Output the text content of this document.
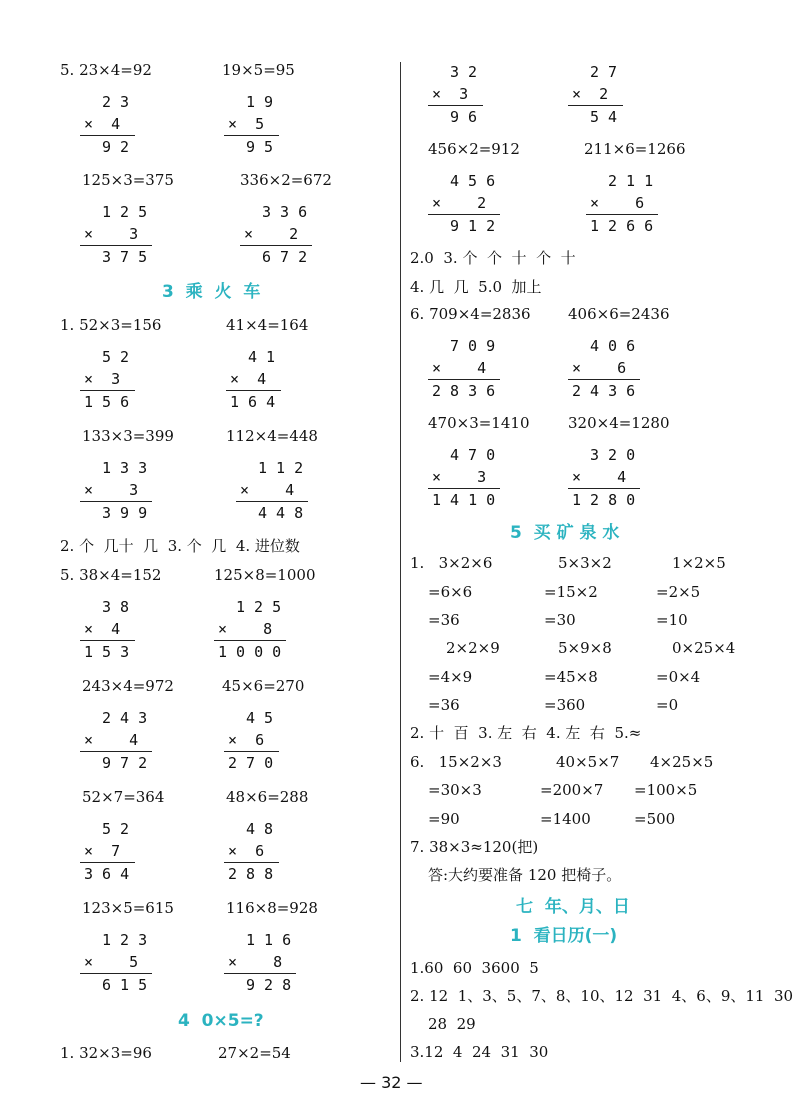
5. 23×4=92	19×5=95
2 3
×  4
9 2
1 9
×  5
9 5
125×3=375	336×2=672
1 2 5
×    3
3 7 5
3 3 6
×    2
6 7 2
3  乘  火  车
1. 52×3=156	41×4=164
5 2
×  3
1 5 6
4 1
×  4
1 6 4
133×3=399	112×4=448
1 3 3
×    3
3 9 9
1 1 2
×    4
4 4 8
2. 个  几十  几  3. 个  几  4. 进位数
5. 38×4=152	125×8=1000
3 8
×  4
1 5 3
1 2 5
×    8
1 0 0 0
243×4=972	45×6=270
2 4 3
×    4
9 7 2
4 5
×  6
2 7 0
52×7=364	48×6=288
5 2
×  7
3 6 4
4 8
×  6
2 8 8
123×5=615	116×8=928
1 2 3
×    5
6 1 5
1 1 6
×    8
9 2 8
4  0×5=?
1. 32×3=96	27×2=54
3 2
×  3
9 6
2 7
×  2
5 4
456×2=912	211×6=1266
4 5 6
×    2
9 1 2
2 1 1
×    6
1 2 6 6
2.0  3. 个  个  十  个  十
4. 几  几  5.0  加上
6. 709×4=2836 406×6=2436
7 0 9
×    4
2 8 3 6
4 0 6
×    6
2 4 3 6
470×3=1410	320×4=1280
4 7 0
×    3
1 4 1 0
3 2 0
×    4
1 2 8 0
5  买 矿 泉 水
1.   3×2×6	5×3×2	1×2×5
=6×6	=15×2	=2×5
=36	=30	=10
2×2×9	5×9×8	0×25×4
=4×9	=45×8	=0×4
=36	=360	=0
2. 十  百  3. 左  右  4. 左  右  5.≈
6.   15×2×3	40×5×7 4×25×5
=30×3	=200×7 =100×5
=90	=1400	=500
7. 38×3≈120(把)
答:大约要准备 120 把椅子。
七  年、月、日
1  看日历(一)
1.60  60  3600  5
2. 12  1、3、5、7、8、10、12  31  4、6、9、11  30
28  29
3.12  4  24  31  30
— 32 —
